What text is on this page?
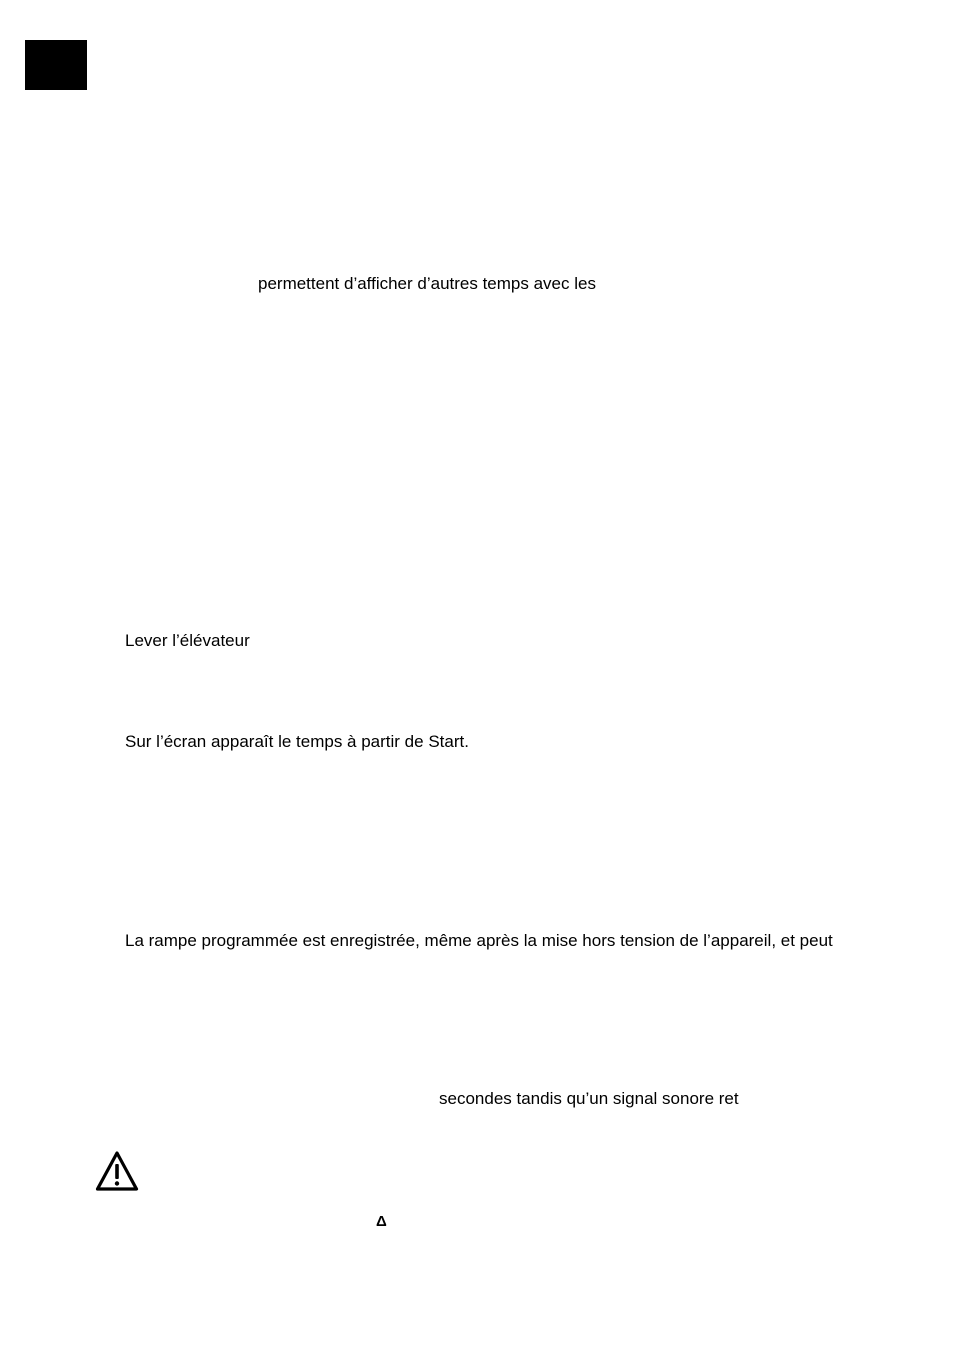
permettent d’afficher d’autres temps avec les
Lever l’élévateur
Sur l’écran apparaît le temps à partir de Start.
La rampe programmée est enregistrée, même après la mise hors tension de l’appareil, et peut
secondes tandis qu’un signal sonore ret
Δ
